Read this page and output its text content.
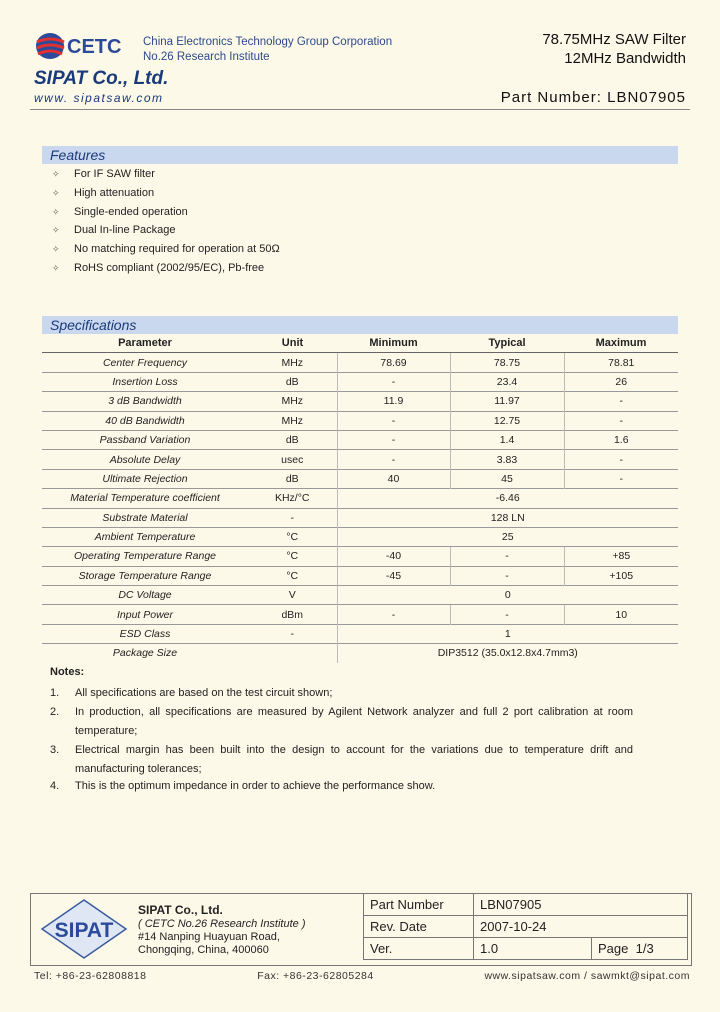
CETC China Electronics Technology Group Corporation
No.26 Research Institute
SIPAT Co., Ltd.
www. sipatsaw.com
78.75MHz SAW Filter
12MHz Bandwidth
Part Number: LBN07905
Features
✧ For IF SAW filter
✧ High attenuation
✧ Single-ended operation
✧ Dual In-line Package
✧ No matching required for operation at 50Ω
✧ RoHS compliant (2002/95/EC), Pb-free
Specifications
Parameter	Unit	Minimum	Typical	Maximum
Center Frequency	MHz	78.69	78.75	78.81
Insertion Loss	dB	-	23.4	26
3 dB Bandwidth	MHz	11.9	11.97	-
40 dB Bandwidth	MHz	-	12.75	-
Passband Variation	dB	-	1.4	1.6
Absolute Delay	usec	-	3.83	-
Ultimate Rejection	dB	40	45	-
Material Temperature coefficient	KHz/°C	-6.46		
Substrate Material	-	128 LN		
Ambient Temperature	°C	25		
Operating Temperature Range	°C	-40	-	+85
Storage Temperature Range	°C	-45	-	+105
DC Voltage	V	0		
Input Power	dBm	-	-	10
ESD Class	-	1		
Package Size		DIP3512 (35.0x12.8x4.7mm3)		
Notes:
1. All specifications are based on the test circuit shown;
2. In production, all specifications are measured by Agilent Network analyzer and full 2 port calibration at room temperature;
3. Electrical margin has been built into the design to account for the variations due to temperature drift and manufacturing tolerances;
4. This is the optimum impedance in order to achieve the performance show.
SIPAT
SIPAT Co., Ltd.
( CETC No.26 Research Institute )
#14 Nanping Huayuan Road,
Chongqing, China, 400060
Part Number	LBN07905	
Rev. Date	2007-10-24	
Ver.	1.0	Page 1/3
Tel: +86-23-62808818	Fax: +86-23-62805284	www.sipatsaw.com / sawmkt@sipat.com
